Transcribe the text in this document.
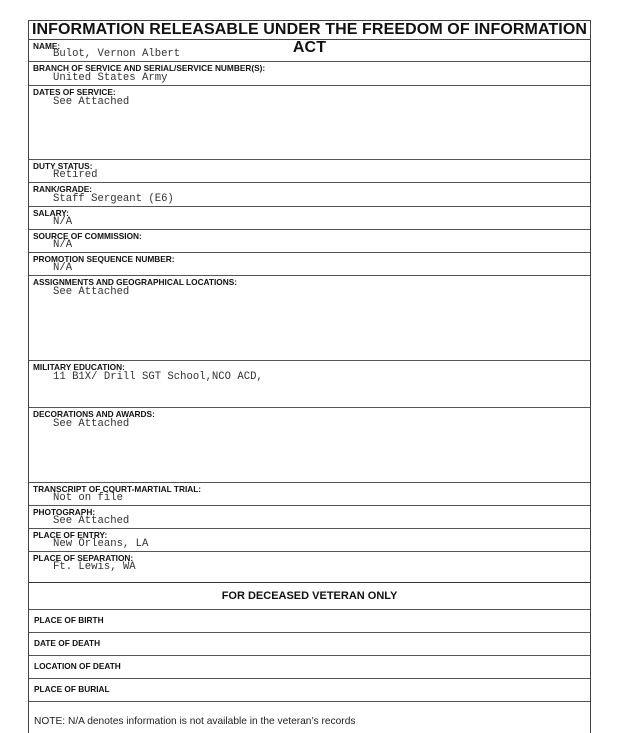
INFORMATION RELEASABLE UNDER THE FREEDOM OF INFORMATION ACT
NAME:
Bulot, Vernon Albert
BRANCH OF SERVICE AND SERIAL/SERVICE NUMBER(S):
United States Army
DATES OF SERVICE:
See Attached
DUTY STATUS:
Retired
RANK/GRADE:
Staff Sergeant (E6)
SALARY:
N/A
SOURCE OF COMMISSION:
N/A
PROMOTION SEQUENCE NUMBER:
N/A
ASSIGNMENTS AND GEOGRAPHICAL LOCATIONS:
See Attached
MILITARY EDUCATION:
11 B1X/ Drill SGT School,NCO ACD,
DECORATIONS AND AWARDS:
See Attached
TRANSCRIPT OF COURT-MARTIAL TRIAL:
Not on file
PHOTOGRAPH:
See Attached
PLACE OF ENTRY:
New Orleans, LA
PLACE OF SEPARATION:
Ft. Lewis, WA
FOR DECEASED VETERAN ONLY
PLACE OF BIRTH
DATE OF DEATH
LOCATION OF DEATH
PLACE OF BURIAL
NOTE: N/A denotes information is not available in the veteran’s records
